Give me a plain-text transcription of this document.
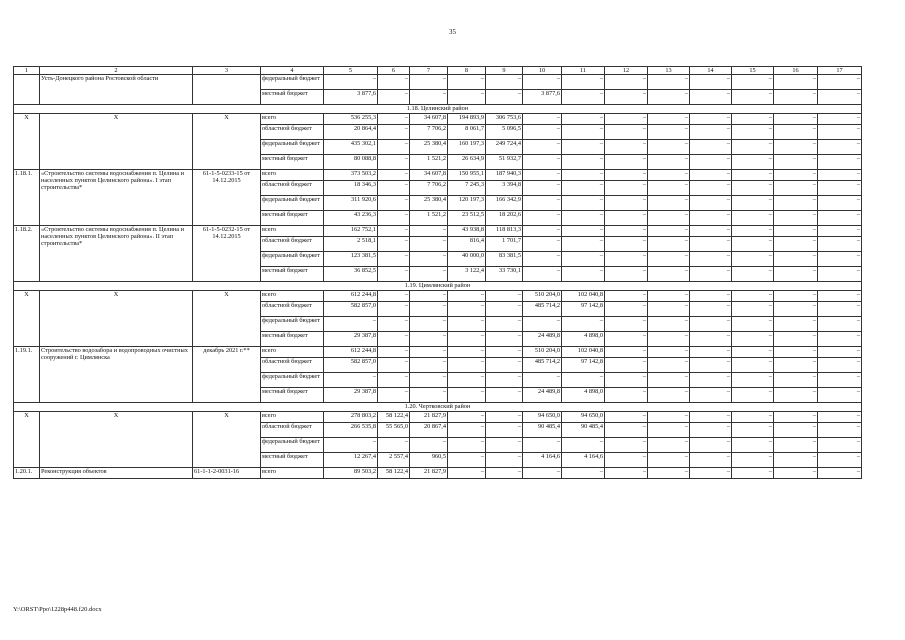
35
1	2	3	4	5	6	7	8	9	10	11	12	13	14	15	16	17
	Усть-Донецкого района Ростовской области		федеральный бюджет	–	–	–	–	–	–	–	–	–	–	–	–	–
			местный бюджет	3 877,6	–	–	–	–	3 877,6	–	–	–	–	–	–	–
1.18. Целинский район																
Х	Х	Х	всего	536 255,3	–	34 607,8	194 893,9	306 753,6	–	–	–	–	–	–	–	–
			областной бюджет	20 864,4	–	7 706,2	8 061,7	5 096,5	–	–	–	–	–	–	–	–
			федеральный бюджет	435 302,1	–	25 380,4	160 197,3	249 724,4	–	–	–	–	–	–	–	–
			местный бюджет	80 088,8	–	1 521,2	26 634,9	51 932,7	–	–	–	–	–	–	–	–
1.18.1.	«Строительство системы водоснабжения п. Целина и населенных пунктов Целинского района». I этап строительства*	61-1-5-0233-15 от 14.12.2015	всего	373 503,2	–	34 607,8	150 955,1	187 940,3	–	–	–	–	–	–	–	–
			областной бюджет	18 346,3	–	7 706,2	7 245,3	3 394,8	–	–	–	–	–	–	–	–
			федеральный бюджет	311 920,6	–	25 380,4	120 197,3	166 342,9	–	–	–	–	–	–	–	–
			местный бюджет	43 236,3	–	1 521,2	23 512,5	18 202,6	–	–	–	–	–	–	–	–
1.18.2.	«Строительство системы водоснабжения п. Целина и населенных пунктов Целинского района». II этап строительства*	61-1-5-0232-15 от 14.12.2015	всего	162 752,1	–	–	43 938,8	118 813,3	–	–	–	–	–	–	–	–
			областной бюджет	2 518,1	–	–	816,4	1 701,7	–	–	–	–	–	–	–	–
			федеральный бюджет	123 381,5	–	–	40 000,0	83 381,5	–	–	–	–	–	–	–	–
			местный бюджет	36 852,5	–	–	3 122,4	33 730,1	–	–	–	–	–	–	–	–
1.19. Цимлянский район																
Х	Х	Х	всего	612 244,8	–	–	–	–	510 204,0	102 040,8	–	–	–	–	–	–
			областной бюджет	582 857,0	–	–	–	–	485 714,2	97 142,8	–	–	–	–	–	–
			федеральный бюджет	–	–	–	–	–	–	–	–	–	–	–	–	–
			местный бюджет	29 387,8	–	–	–	–	24 489,8	4 898,0	–	–	–	–	–	–
1.19.1.	Строительство водозабора и водопроводных очистных сооружений г. Цимлянска	декабрь 2021 г.**	всего	612 244,8	–	–	–	–	510 204,0	102 040,8	–	–	–	–	–	–
			областной бюджет	582 857,0	–	–	–	–	485 714,2	97 142,8	–	–	–	–	–	–
			федеральный бюджет	–	–	–	–	–	–	–	–	–	–	–	–	–
			местный бюджет	29 387,8	–	–	–	–	24 489,8	4 898,0	–	–	–	–	–	–
1.20. Чертковский район																
Х	Х	Х	всего	278 803,2	58 122,4	21 827,9	–	–	94 650,0	94 650,0	–	–	–	–	–	–
			областной бюджет	266 535,8	55 565,0	20 867,4	–	–	90 485,4	90 485,4	–	–	–	–	–	–
			федеральный бюджет	–	–	–	–	–	–	–	–	–	–	–	–	–
			местный бюджет	12 267,4	2 557,4	960,5	–	–	4 164,6	4 164,6	–	–	–	–	–	–
1.20.1.	Реконструкция объектов	61-1-1-2-0031-16	всего	89 503,2	58 122,4	21 827,9	–	–	–	–	–	–	–	–	–	–
Y:\ORST\Ppo\1228p448.f20.docx
